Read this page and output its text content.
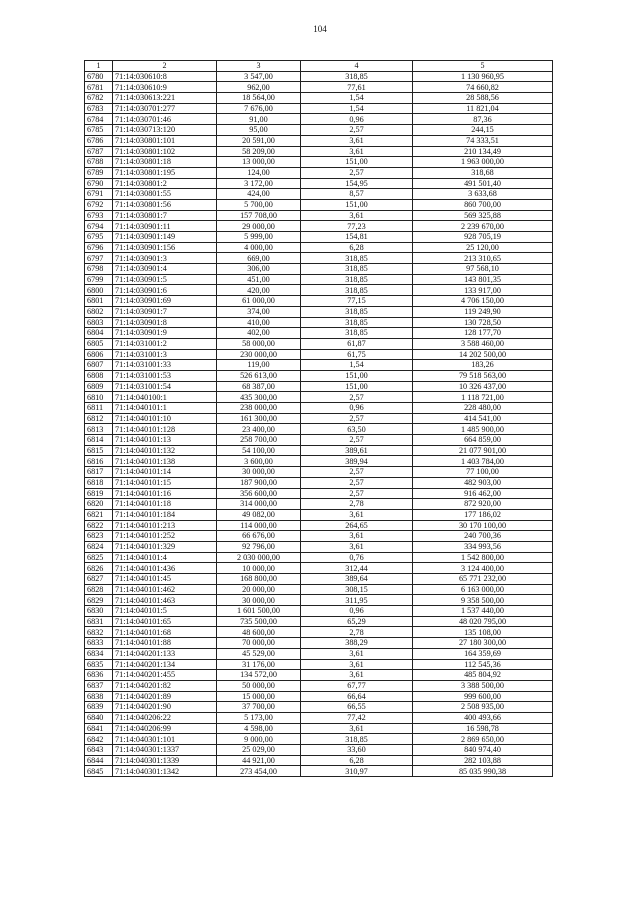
104
1	2	3	4	5
6780	71:14:030610:8	3 547,00	318,85	1 130 960,95
6781	71:14:030610:9	962,00	77,61	74 660,82
6782	71:14:030613:221	18 564,00	1,54	28 588,56
6783	71:14:030701:277	7 676,00	1,54	11 821,04
6784	71:14:030701:46	91,00	0,96	87,36
6785	71:14:030713:120	95,00	2,57	244,15
6786	71:14:030801:101	20 591,00	3,61	74 333,51
6787	71:14:030801:102	58 209,00	3,61	210 134,49
6788	71:14:030801:18	13 000,00	151,00	1 963 000,00
6789	71:14:030801:195	124,00	2,57	318,68
6790	71:14:030801:2	3 172,00	154,95	491 501,40
6791	71:14:030801:55	424,00	8,57	3 633,68
6792	71:14:030801:56	5 700,00	151,00	860 700,00
6793	71:14:030801:7	157 708,00	3,61	569 325,88
6794	71:14:030901:11	29 000,00	77,23	2 239 670,00
6795	71:14:030901:149	5 999,00	154,81	928 705,19
6796	71:14:030901:156	4 000,00	6,28	25 120,00
6797	71:14:030901:3	669,00	318,85	213 310,65
6798	71:14:030901:4	306,00	318,85	97 568,10
6799	71:14:030901:5	451,00	318,85	143 801,35
6800	71:14:030901:6	420,00	318,85	133 917,00
6801	71:14:030901:69	61 000,00	77,15	4 706 150,00
6802	71:14:030901:7	374,00	318,85	119 249,90
6803	71:14:030901:8	410,00	318,85	130 728,50
6804	71:14:030901:9	402,00	318,85	128 177,70
6805	71:14:031001:2	58 000,00	61,87	3 588 460,00
6806	71:14:031001:3	230 000,00	61,75	14 202 500,00
6807	71:14:031001:33	119,00	1,54	183,26
6808	71:14:031001:53	526 613,00	151,00	79 518 563,00
6809	71:14:031001:54	68 387,00	151,00	10 326 437,00
6810	71:14:040100:1	435 300,00	2,57	1 118 721,00
6811	71:14:040101:1	238 000,00	0,96	228 480,00
6812	71:14:040101:10	161 300,00	2,57	414 541,00
6813	71:14:040101:128	23 400,00	63,50	1 485 900,00
6814	71:14:040101:13	258 700,00	2,57	664 859,00
6815	71:14:040101:132	54 100,00	389,61	21 077 901,00
6816	71:14:040101:138	3 600,00	389,94	1 403 784,00
6817	71:14:040101:14	30 000,00	2,57	77 100,00
6818	71:14:040101:15	187 900,00	2,57	482 903,00
6819	71:14:040101:16	356 600,00	2,57	916 462,00
6820	71:14:040101:18	314 000,00	2,78	872 920,00
6821	71:14:040101:184	49 082,00	3,61	177 186,02
6822	71:14:040101:213	114 000,00	264,65	30 170 100,00
6823	71:14:040101:252	66 676,00	3,61	240 700,36
6824	71:14:040101:329	92 796,00	3,61	334 993,56
6825	71:14:040101:4	2 030 000,00	0,76	1 542 800,00
6826	71:14:040101:436	10 000,00	312,44	3 124 400,00
6827	71:14:040101:45	168 800,00	389,64	65 771 232,00
6828	71:14:040101:462	20 000,00	308,15	6 163 000,00
6829	71:14:040101:463	30 000,00	311,95	9 358 500,00
6830	71:14:040101:5	1 601 500,00	0,96	1 537 440,00
6831	71:14:040101:65	735 500,00	65,29	48 020 795,00
6832	71:14:040101:68	48 600,00	2,78	135 108,00
6833	71:14:040101:88	70 000,00	388,29	27 180 300,00
6834	71:14:040201:133	45 529,00	3,61	164 359,69
6835	71:14:040201:134	31 176,00	3,61	112 545,36
6836	71:14:040201:455	134 572,00	3,61	485 804,92
6837	71:14:040201:82	50 000,00	67,77	3 388 500,00
6838	71:14:040201:89	15 000,00	66,64	999 600,00
6839	71:14:040201:90	37 700,00	66,55	2 508 935,00
6840	71:14:040206:22	5 173,00	77,42	400 493,66
6841	71:14:040206:99	4 598,00	3,61	16 598,78
6842	71:14:040301:101	9 000,00	318,85	2 869 650,00
6843	71:14:040301:1337	25 029,00	33,60	840 974,40
6844	71:14:040301:1339	44 921,00	6,28	282 103,88
6845	71:14:040301:1342	273 454,00	310,97	85 035 990,38
